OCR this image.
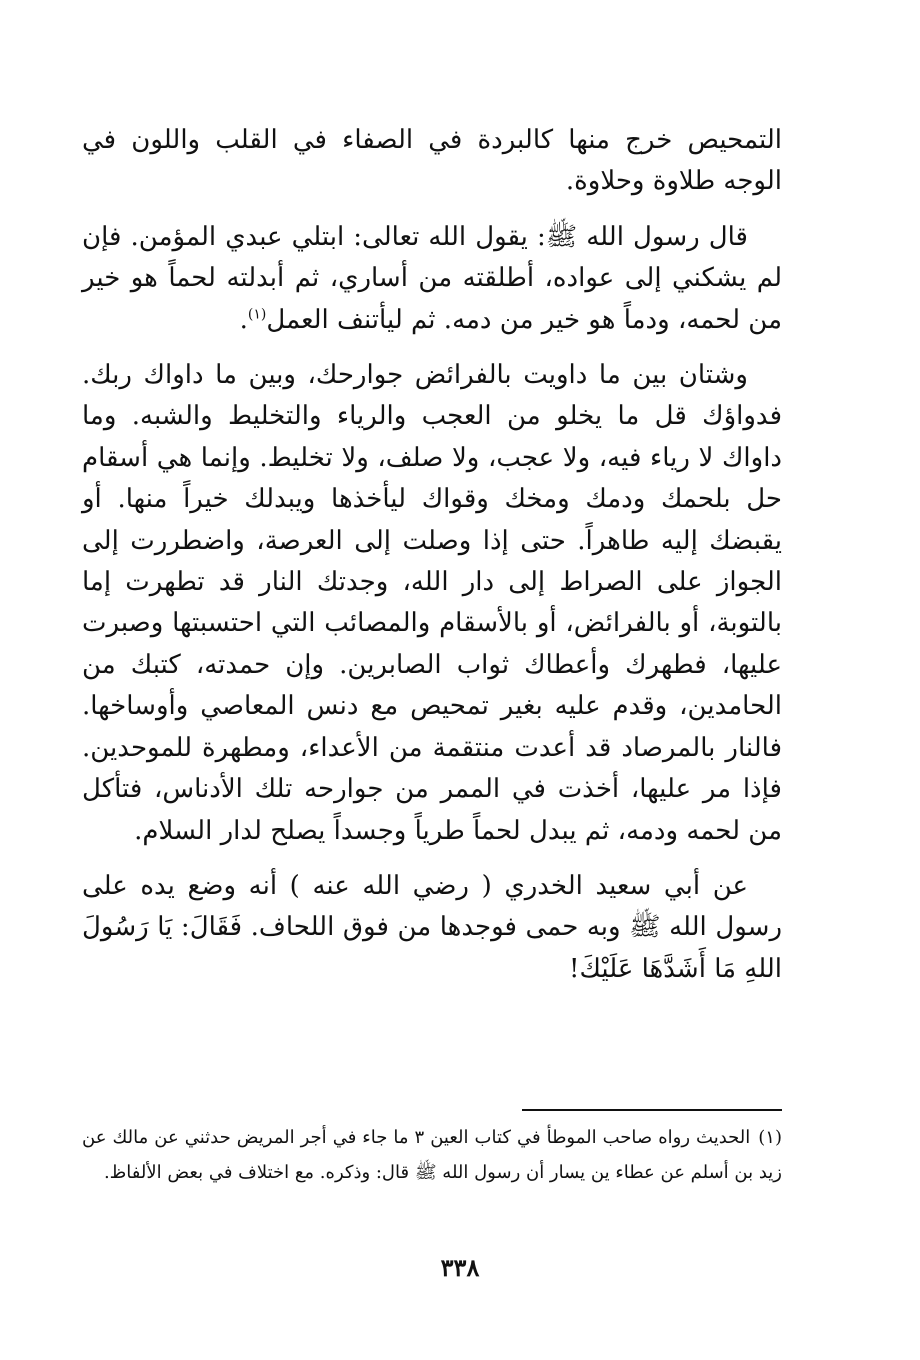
التمحيص خرج منها كالبردة في الصفاء في القلب واللون في الوجه طلاوة وحلاوة.

قال رسول الله ﷺ: يقول الله تعالى: ابتلي عبدي المؤمن. فإن لم يشكني إلى عواده، أطلقته من أساري، ثم أبدلته لحماً هو خير من لحمه، ودماً هو خير من دمه. ثم ليأتنف العمل$^{(١)}$.

وشتان بين ما داويت بالفرائض جوارحك، وبين ما داواك ربك. فدواؤك قل ما يخلو من العجب والرياء والتخليط والشبه. وما داواك لا رياء فيه، ولا عجب، ولا صلف، ولا تخليط. وإنما هي أسقام حل بلحمك ودمك ومخك وقواك ليأخذها ويبدلك خيراً منها. أو يقبضك إليه طاهراً. حتى إذا وصلت إلى العرصة، واضطررت إلى الجواز على الصراط إلى دار الله، وجدتك النار قد تطهرت إما بالتوبة، أو بالفرائض، أو بالأسقام والمصائب التي احتسبتها وصبرت عليها، فطهرك وأعطاك ثواب الصابرين. وإن حمدته، كتبك من الحامدين، وقدم عليه بغير تمحيص مع دنس المعاصي وأوساخها. فالنار بالمرصاد قد أعدت منتقمة من الأعداء، ومطهرة للموحدين. فإذا مر عليها، أخذت في الممر من جوارحه تلك الأدناس، فتأكل من لحمه ودمه، ثم يبدل لحماً طرياً وجسداً يصلح لدار السلام.

عن أبي سعيد الخدري ( رضي الله عنه ) أنه وضع يده على رسول الله ﷺ وبه حمى فوجدها من فوق اللحاف. فَقَالَ: يَا رَسُولَ اللهِ مَا أَشَدَّهَا عَلَيْكَ!

(١)الحديث رواه صاحب الموطأ في كتاب العين ٣ ما جاء في أجر المريض حدثني عن مالك عن زيد بن أسلم عن عطاء ين يسار أن رسول الله ﷺ قال: وذكره. مع اختلاف في بعض الألفاظ.

٣٣٨
